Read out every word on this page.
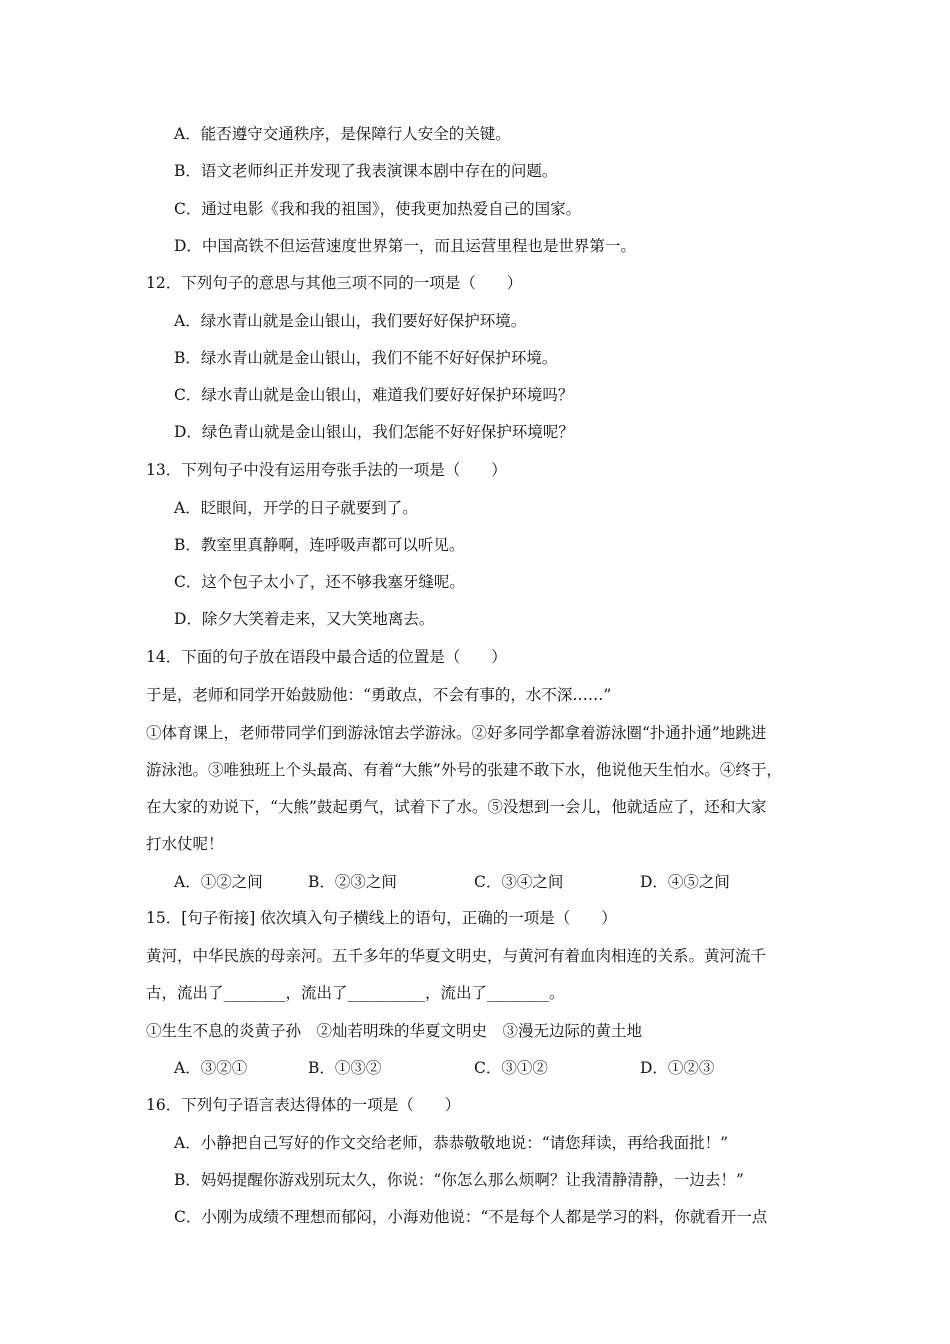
A．能否遵守交通秩序，是保障行人安全的关键。
B．语文老师纠正并发现了我表演课本剧中存在的问题。
C．通过电影《我和我的祖国》，使我更加热爱自己的国家。
D．中国高铁不但运营速度世界第一，而且运营里程也是世界第一。
12．下列句子的意思与其他三项不同的一项是（　　）
A．绿水青山就是金山银山，我们要好好保护环境。
B．绿水青山就是金山银山，我们不能不好好保护环境。
C．绿水青山就是金山银山，难道我们要好好保护环境吗？
D．绿色青山就是金山银山，我们怎能不好好保护环境呢？
13．下列句子中没有运用夸张手法的一项是（　　）
A．眨眼间，开学的日子就要到了。
B．教室里真静啊，连呼吸声都可以听见。
C．这个包子太小了，还不够我塞牙缝呢。
D．除夕大笑着走来，又大笑地离去。
14．下面的句子放在语段中最合适的位置是（　　）
于是，老师和同学开始鼓励他：“勇敢点，不会有事的，水不深……”
①体育课上，老师带同学们到游泳馆去学游泳。②好多同学都拿着游泳圈“扑通扑通”地跳进
游泳池。③唯独班上个头最高、有着“大熊”外号的张建不敢下水，他说他天生怕水。④终于，
在大家的劝说下，“大熊”鼓起勇气，试着下了水。⑤没想到一会儿，他就适应了，还和大家
打水仗呢！
A．①②之间	B．②③之间	C．③④之间	D．④⑤之间
15．[句子衔接] 依次填入句子横线上的语句，正确的一项是（　　）
黄河，中华民族的母亲河。五千多年的华夏文明史，与黄河有着血肉相连的关系。黄河流千
古，流出了________，流出了__________，流出了________。
①生生不息的炎黄子孙　②灿若明珠的华夏文明史　③漫无边际的黄土地
A．③②①	B．①③②	C．③①②	D．①②③
16．下列句子语言表达得体的一项是（　　）
A．小静把自己写好的作文交给老师，恭恭敬敬地说：“请您拜读，再给我面批！”
B．妈妈提醒你游戏别玩太久，你说：“你怎么那么烦啊？让我清静清静，一边去！”
C．小刚为成绩不理想而郁闷，小海劝他说：“不是每个人都是学习的料，你就看开一点
